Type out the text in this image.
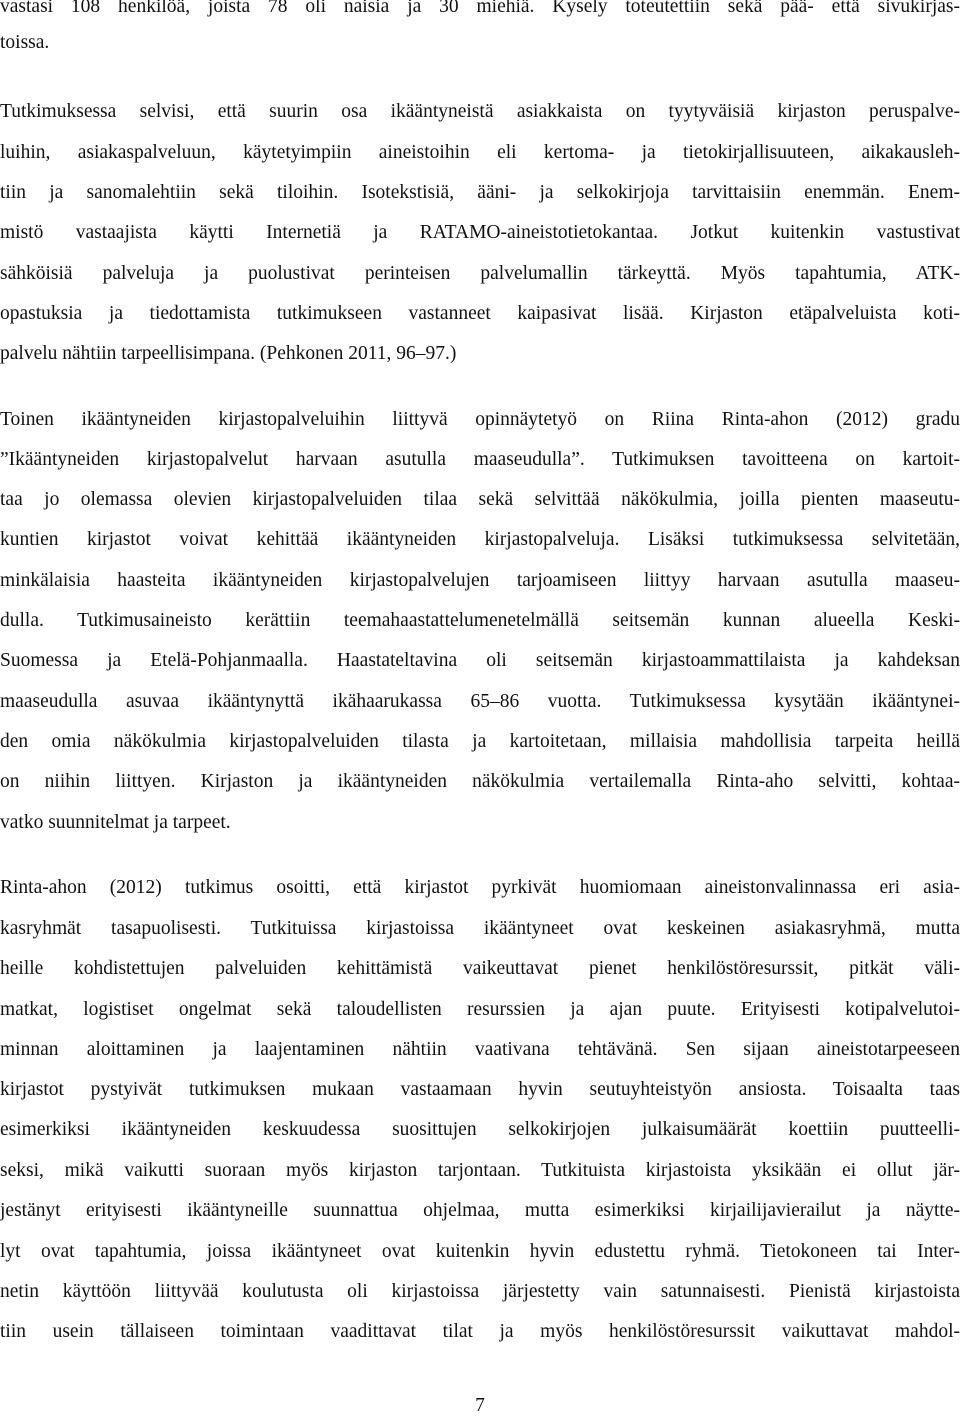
vastasi 108 henkilöä, joista 78 oli naisia ja 30 miehiä. Kysely toteutettiin sekä pää- että sivukirjas-
toissa.
Tutkimuksessa selvisi, että suurin osa ikääntyneistä asiakkaista on tyytyväisiä kirjaston peruspalve-
luihin, asiakaspalveluun, käytetyimpiin aineistoihin eli kertoma- ja tietokirjallisuuteen, aikakausleh-
tiin ja sanomalehtiin sekä tiloihin. Isotekstisiä, ääni- ja selkokirjoja tarvittaisiin enemmän. Enem-
mistö vastaajista käytti Internetiä ja RATAMO-aineistotietokantaa. Jotkut kuitenkin vastustivat
sähköisiä palveluja ja puolustivat perinteisen palvelumallin tärkeyttä. Myös tapahtumia, ATK-
opastuksia ja tiedottamista tutkimukseen vastanneet kaipasivat lisää. Kirjaston etäpalveluista koti-
palvelu nähtiin tarpeellisimpana. (Pehkonen 2011, 96–97.)
Toinen ikääntyneiden kirjastopalveluihin liittyvä opinnäytetyö on Riina Rinta-ahon (2012) gradu
”Ikääntyneiden kirjastopalvelut harvaan asutulla maaseudulla”. Tutkimuksen tavoitteena on kartoit-
taa jo olemassa olevien kirjastopalveluiden tilaa sekä selvittää näkökulmia, joilla pienten maaseutu-
kuntien kirjastot voivat kehittää ikääntyneiden kirjastopalveluja. Lisäksi tutkimuksessa selvitetään,
minkälaisia haasteita ikääntyneiden kirjastopalvelujen tarjoamiseen liittyy harvaan asutulla maaseu-
dulla. Tutkimusaineisto kerättiin teemahaastattelumenetelmällä seitsemän kunnan alueella Keski-
Suomessa ja Etelä-Pohjanmaalla. Haastateltavina oli seitsemän kirjastoammattilaista ja kahdeksan
maaseudulla asuvaa ikääntynyttä ikähaarukassa 65–86 vuotta. Tutkimuksessa kysytään ikääntynei-
den omia näkökulmia kirjastopalveluiden tilasta ja kartoitetaan, millaisia mahdollisia tarpeita heillä
on niihin liittyen. Kirjaston ja ikääntyneiden näkökulmia vertailemalla Rinta-aho selvitti, kohtaa-
vatko suunnitelmat ja tarpeet.
Rinta-ahon (2012) tutkimus osoitti, että kirjastot pyrkivät huomiomaan aineistonvalinnassa eri asia-
kasryhmät tasapuolisesti. Tutkituissa kirjastoissa ikääntyneet ovat keskeinen asiakasryhmä, mutta
heille kohdistettujen palveluiden kehittämistä vaikeuttavat pienet henkilöstöresurssit, pitkät väli-
matkat, logistiset ongelmat sekä taloudellisten resurssien ja ajan puute. Erityisesti kotipalvelutoi-
minnan aloittaminen ja laajentaminen nähtiin vaativana tehtävänä. Sen sijaan aineistotarpeeseen
kirjastot pystyivät tutkimuksen mukaan vastaamaan hyvin seutuyhteistyön ansiosta. Toisaalta taas
esimerkiksi ikääntyneiden keskuudessa suosittujen selkokirjojen julkaisumäärät koettiin puutteelli-
seksi, mikä vaikutti suoraan myös kirjaston tarjontaan. Tutkituista kirjastoista yksikään ei ollut jär-
jestänyt erityisesti ikääntyneille suunnattua ohjelmaa, mutta esimerkiksi kirjailijavierailut ja näytte-
lyt ovat tapahtumia, joissa ikääntyneet ovat kuitenkin hyvin edustettu ryhmä. Tietokoneen tai Inter-
netin käyttöön liittyvää koulutusta oli kirjastoissa järjestetty vain satunnaisesti. Pienistä kirjastoista
tiin usein tällaiseen toimintaan vaadittavat tilat ja myös henkilöstöresurssit vaikuttavat mahdol-
7
